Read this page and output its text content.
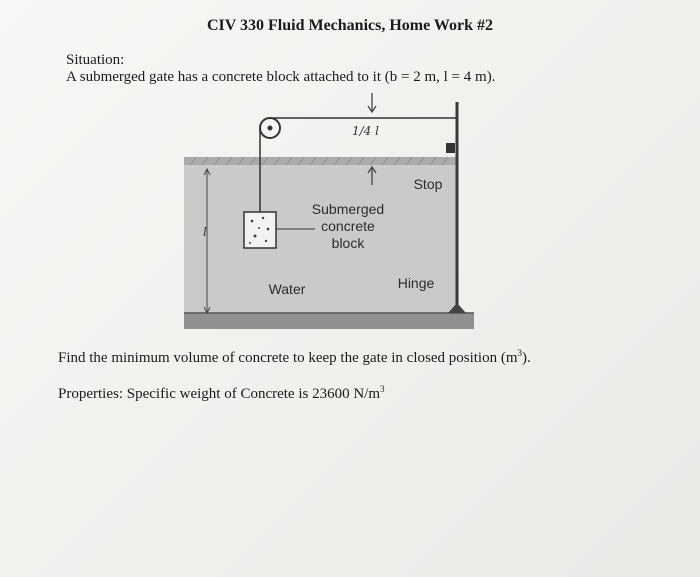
CIV 330 Fluid Mechanics, Home Work #2
Situation:
A submerged gate has a concrete block attached to it (b = 2 m, l = 4 m).
1/4 l
Stop
Submerged
concrete
block
Water	Hinge
l
Find the minimum volume of concrete to keep the gate in closed position $(m^3)$.
Properties: Specific weight of Concrete is 23600 $N/m^3$
